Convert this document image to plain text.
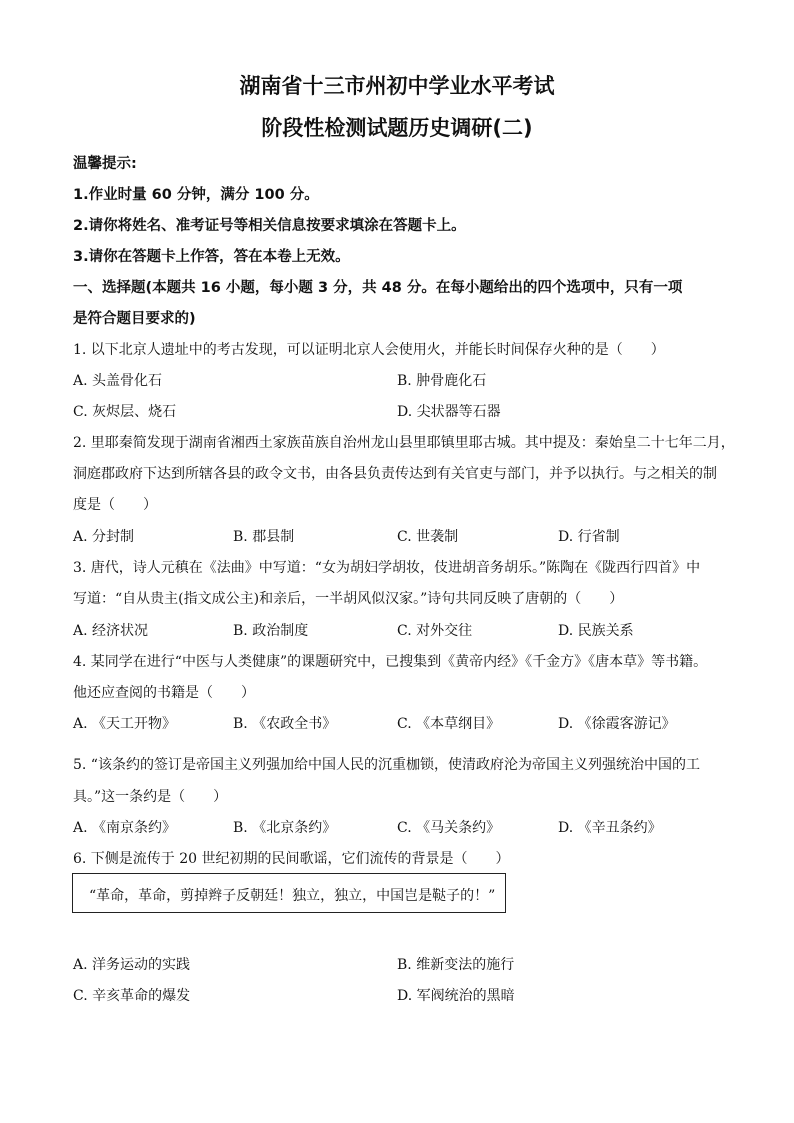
湖南省十三市州初中学业水平考试
阶段性检测试题历史调研(二)
温馨提示:
1.作业时量 60 分钟，满分 100 分。
2.请你将姓名、准考证号等相关信息按要求填涂在答题卡上。
3.请你在答题卡上作答，答在本卷上无效。
一、选择题(本题共 16 小题，每小题 3 分，共 48 分。在每小题给出的四个选项中，只有一项
是符合题目要求的)
1. 以下北京人遗址中的考古发现，可以证明北京人会使用火，并能长时间保存火种的是（　　）
A. 头盖骨化石	B. 肿骨鹿化石
C. 灰烬层、烧石	D. 尖状器等石器
2. 里耶秦简发现于湖南省湘西土家族苗族自治州龙山县里耶镇里耶古城。其中提及：秦始皇二十七年二月，
洞庭郡政府下达到所辖各县的政令文书，由各县负责传达到有关官吏与部门，并予以执行。与之相关的制
度是（　　）
A. 分封制	B. 郡县制	C. 世袭制	D. 行省制
3. 唐代，诗人元稹在《法曲》中写道：“女为胡妇学胡妆，伎进胡音务胡乐。”陈陶在《陇西行四首》中
写道：“自从贵主(指文成公主)和亲后，一半胡风似汉家。”诗句共同反映了唐朝的（　　）
A. 经济状况	B. 政治制度	C. 对外交往	D. 民族关系
4. 某同学在进行“中医与人类健康”的课题研究中，已搜集到《黄帝内经》《千金方》《唐本草》等书籍。
他还应查阅的书籍是（　　）
A. 《天工开物》	B. 《农政全书》	C. 《本草纲目》	D. 《徐霞客游记》
5. “该条约的签订是帝国主义列强加给中国人民的沉重枷锁，使清政府沦为帝国主义列强统治中国的工
具。”这一条约是（　　）
A. 《南京条约》	B. 《北京条约》	C. 《马关条约》	D. 《辛丑条约》
6. 下侧是流传于 20 世纪初期的民间歌谣，它们流传的背景是（　　）
“革命，革命，剪掉辫子反朝廷！独立，独立，中国岂是鞑子的！”
A. 洋务运动的实践	B. 维新变法的施行
C. 辛亥革命的爆发	D. 军阀统治的黑暗
